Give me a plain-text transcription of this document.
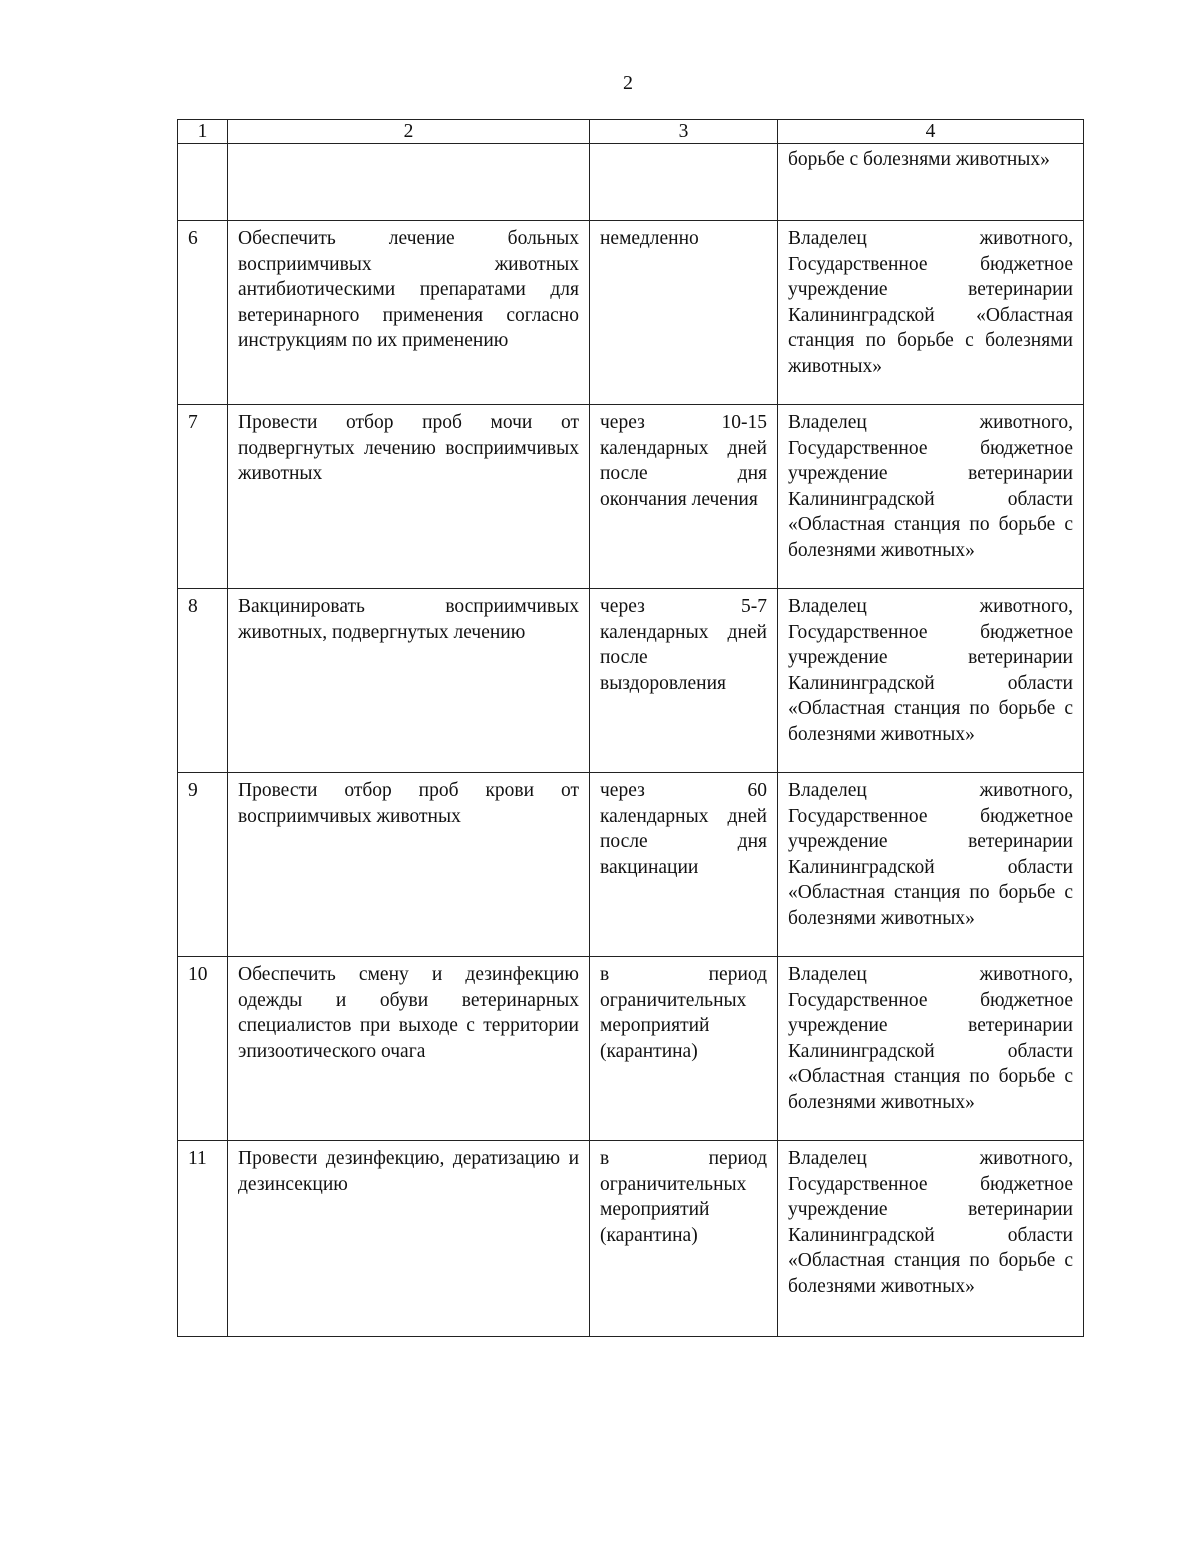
2
1	2	3	4
			борьбе с болезнями животных»
6	Обеспечить лечение больных восприимчивых животных антибиотическими препаратами для ветеринарного применения согласно инструкциям по их применению	немедленно	Владелец животного, Государственное бюджетное учреждение ветеринарии Калининградской «Областная станция по борьбе с болезнями животных»
7	Провести отбор проб мочи от подвергнутых лечению восприимчивых животных	через 10-15 календарных дней после дня окончания лечения	Владелец животного, Государственное бюджетное учреждение ветеринарии Калининградской области «Областная станция по борьбе с болезнями животных»
8	Вакцинировать восприимчивых животных, подвергнутых лечению	через 5-7 календарных дней после выздоровления	Владелец животного, Государственное бюджетное учреждение ветеринарии Калининградской области «Областная станция по борьбе с болезнями животных»
9	Провести отбор проб крови от восприимчивых животных	через 60 календарных дней после дня вакцинации	Владелец животного, Государственное бюджетное учреждение ветеринарии Калининградской области «Областная станция по борьбе с болезнями животных»
10	Обеспечить смену и дезинфекцию одежды и обуви ветеринарных специалистов при выходе с территории эпизоотического очага	в период ограничительных мероприятий (карантина)	Владелец животного, Государственное бюджетное учреждение ветеринарии Калининградской области «Областная станция по борьбе с болезнями животных»
11	Провести дезинфекцию, дератизацию и дезинсекцию	в период ограничительных мероприятий (карантина)	Владелец животного, Государственное бюджетное учреждение ветеринарии Калининградской области «Областная станция по борьбе с болезнями животных»
